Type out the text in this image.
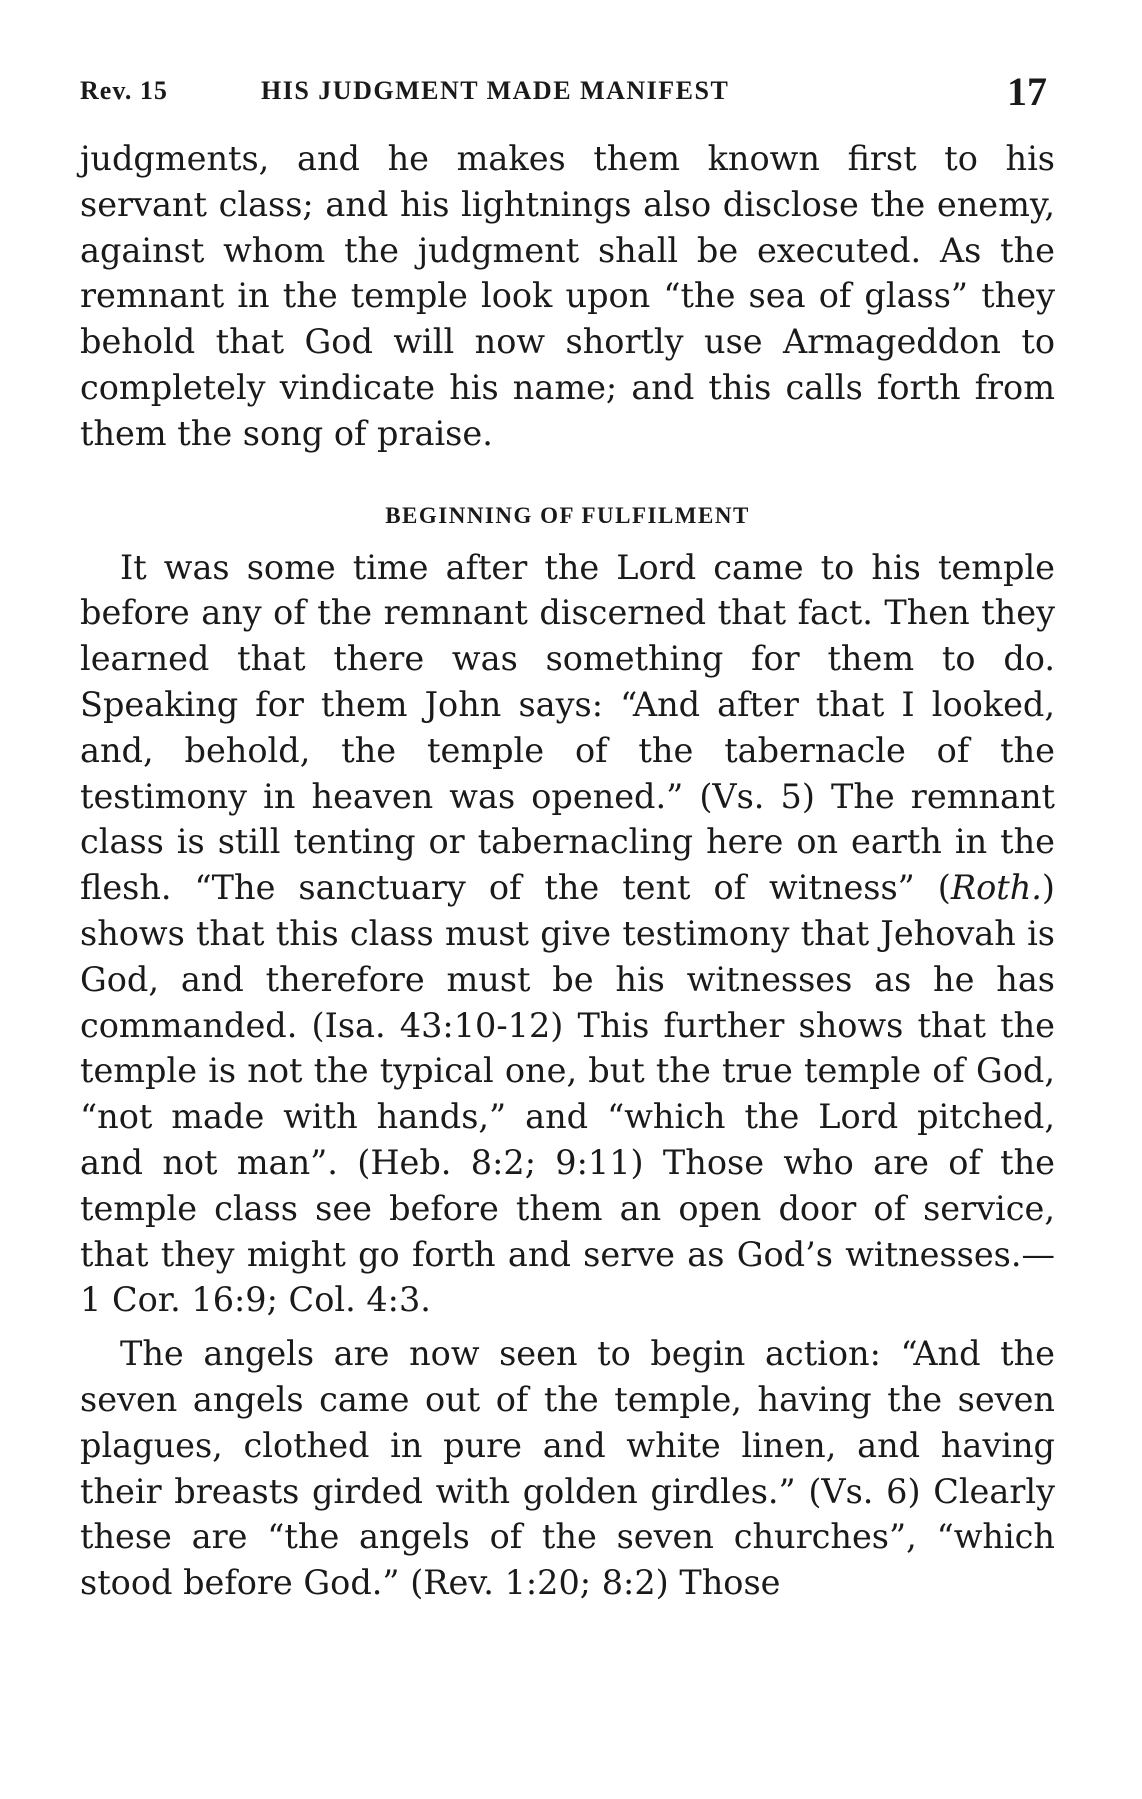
Rev. 15	HIS JUDGMENT MADE MANIFEST	17

judgments, and he makes them known first to his servant class; and his lightnings also disclose the enemy, against whom the judgment shall be executed. As the remnant in the temple look upon “the sea of glass” they behold that God will now shortly use Armageddon to completely vindicate his name; and this calls forth from them the song of praise.

BEGINNING OF FULFILMENT

It was some time after the Lord came to his temple before any of the remnant discerned that fact. Then they learned that there was something for them to do. Speaking for them John says: “And after that I looked, and, behold, the temple of the tabernacle of the testimony in heaven was opened.” (Vs. 5) The remnant class is still tenting or tabernacling here on earth in the flesh. “The sanctuary of the tent of witness” (Roth.) shows that this class must give testimony that Jehovah is God, and therefore must be his witnesses as he has commanded. (Isa. 43:10-12) This further shows that the temple is not the typical one, but the true temple of God, “not made with hands,” and “which the Lord pitched, and not man”. (Heb. 8:2; 9:11) Those who are of the temple class see before them an open door of service, that they might go forth and serve as God’s witnesses.—1 Cor. 16:9; Col. 4:3.

The angels are now seen to begin action: “And the seven angels came out of the temple, having the seven plagues, clothed in pure and white linen, and having their breasts girded with golden girdles.” (Vs. 6) Clearly these are “the angels of the seven churches”, “which stood before God.” (Rev. 1:20; 8:2) Those
